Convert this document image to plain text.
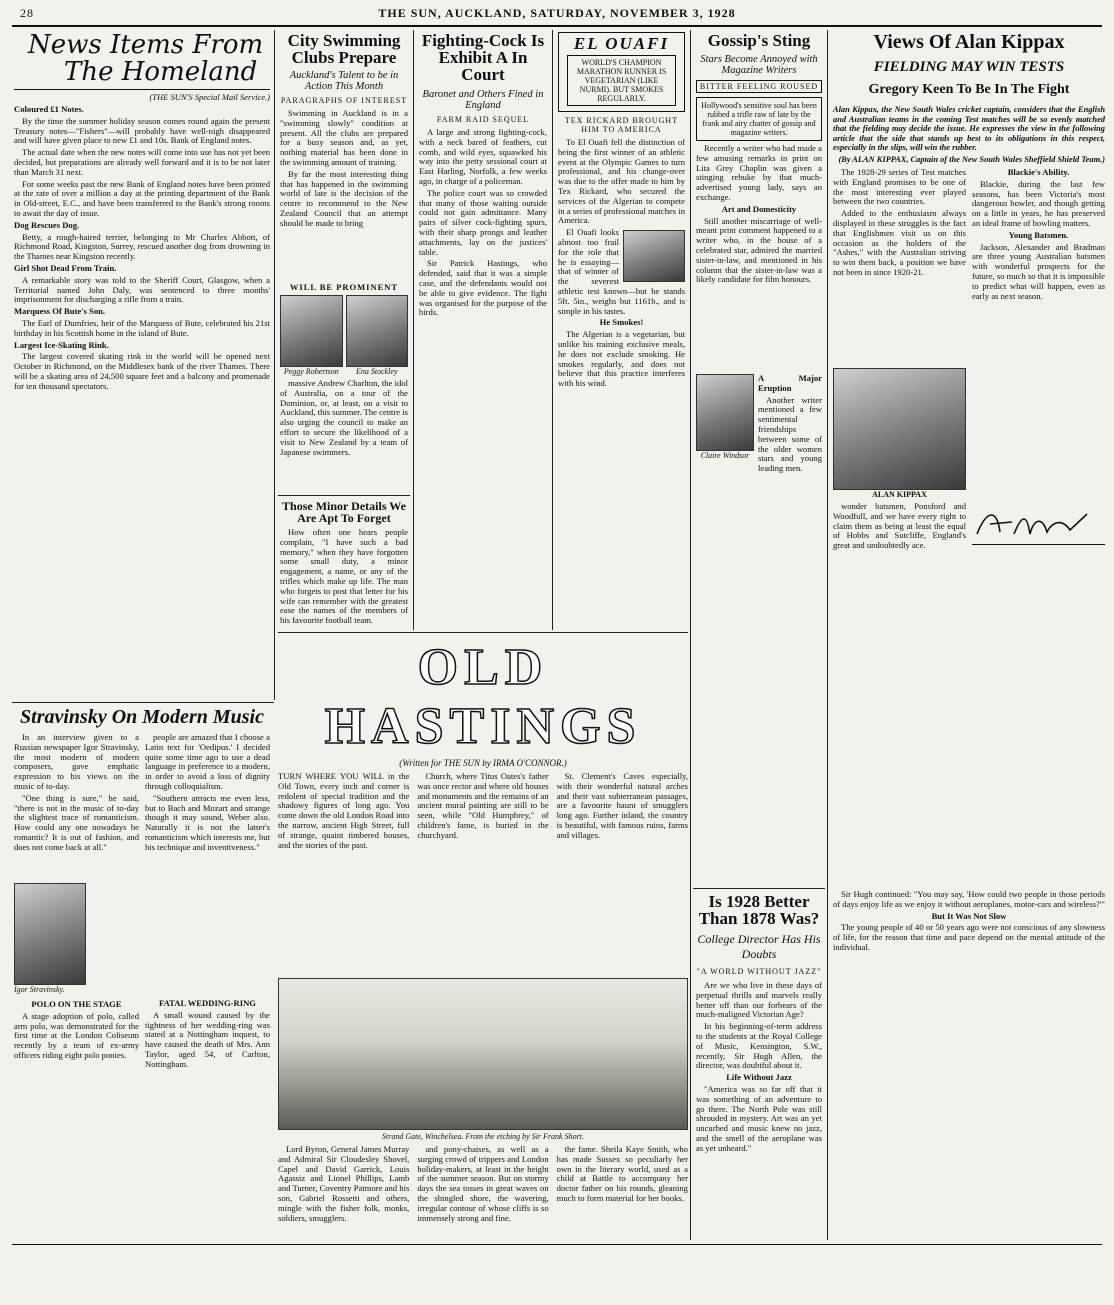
28	THE SUN, AUCKLAND, SATURDAY, NOVEMBER 3, 1928
News Items From
The Homeland
(THE SUN'S Special Mail Service.)

Coloured £1 Notes.

By the time the summer holiday season comes round again the present Treasury notes—"Fishers"—will probably have well-nigh disappeared and will have given place to new £1 and 10s. Bank of England notes.

The actual date when the new notes will come into use has not yet been decided, but preparations are already well forward and it is to be not later than March 31 next.

For some weeks past the new Bank of England notes have been printed at the rate of over a million a day at the printing department of the Bank in Old-street, E.C., and have been transferred to the Bank's strong rooms to await the day of issue.

Dog Rescues Dog.

Betty, a rough-haired terrier, belonging to Mr Charles Abbott, of Richmond Road, Kingston, Surrey, rescued another dog from drowning in the Thames near Kingston recently.

Girl Shot Dead From Train.

A remarkable story was told to the Sheriff Court, Glasgow, when a Territorial named John Daly, was sentenced to three months' imprisonment for discharging a rifle from a train.

Marquess Of Bute's Son.

The Earl of Dumfries, heir of the Marquess of Bute, celebrated his 21st birthday in his Scottish home in the island of Bute.

Largest Ice-Skating Rink.

The largest covered skating rink in the world will be opened next October in Richmond, on the Middlesex bank of the river Thames. There will be a skating area of 24,500 square feet and a balcony and promenade for ten thousand spectators.

City Swimming Clubs Prepare
Auckland's Talent to be in Action This Month
PARAGRAPHS OF INTEREST

Swimming in Auckland is in a "swimming slowly" condition at present. All the clubs are prepared for a busy season and, as yet, nothing material has been done in the swimming amount of training.

By far the most interesting thing that has happened in the swimming world of late is the decision of the centre to recommend to the New Zealand Council that an attempt should be made to bring

WILL BE PROMINENT
Peggy Robertson	Ena Stockley

massive Andrew Charlton, the idol of Australia, on a tour of the Dominion, or, at least, on a visit to Auckland, this summer. The centre is also urging the council to make an effort to secure the likelihood of a visit to New Zealand by a team of Japanese swimmers.

Those Minor Details We Are Apt To Forget

How often one hears people complain, "I have such a bad memory," when they have forgotten some small duty, a minor engagement, a name, or any of the trifles which make up life. The man who forgets to post that letter for his wife can remember with the greatest ease the names of the members of his favourite football team.

Fighting-Cock Is Exhibit A In Court
Baronet and Others Fined in England
FARM RAID SEQUEL

A large and strong fighting-cock, with a neck bared of feathers, cut comb, and wild eyes, squawked his way into the petty sessional court at East Harling, Norfolk, a few weeks ago, in charge of a policeman.

The police court was so crowded that many of those waiting outside could not gain admittance. Many pairs of silver cock-fighting spurs, with their sharp prongs and leather attachments, lay on the justices' table.

Sir Patrick Hastings, who defended, said that it was a simple case, and the defendants would not be able to give evidence. The fight was organised for the purpose of the birds.

EL OUAFI
WORLD'S CHAMPION MARATHON RUNNER IS VEGETARIAN (LIKE NURMI). BUT SMOKES REGULARLY.
TEX RICKARD BROUGHT HIM TO AMERICA

To El Ouafi fell the distinction of being the first winner of an athletic event at the Olympic Games to turn professional, and his change-over was due to the offer made to him by Tex Rickard, who secured the services of the Algerian to compete in a series of professional matches in America.

El Ouafi looks almost too frail for the role that he is essaying—that of winner of the severest athletic test known—but he stands 5ft. 5in., weighs but 1161b., and is simple in his tastes.

He Smokes!

The Algerian is a vegetarian, but unlike his training exclusive meals, he does not exclude smoking. He smokes regularly, and does not believe that this practice interferes with his wind.

Gossip's Sting
Stars Become Annoyed with Magazine Writers
BITTER FEELING ROUSED
Hollywood's sensitive soul has been rubbed a trifle raw of late by the frank and airy chatter of gossip and magazine writers.

Recently a writer who had made a few amusing remarks in print on Lita Grey Chaplin was given a stinging rebuke by that much-advertised young lady, says an exchange.

Art and Domesticity

Still another miscarriage of well-meant print comment happened to a writer who, in the house of a celebrated star, admired the married sister-in-law, and mentioned in his column that the sister-in-law was a likely candidate for film honours.

Claire Windsor

A Major Eruption

Another writer mentioned a few sentimental friendships between some of the older women stars and young leading men.

OLD HASTINGS
(Written for THE SUN by IRMA O'CONNOR.)

TURN WHERE YOU WILL in the Old Town, every inch and corner is redolent of special tradition and the shadowy figures of long ago. You come down the old London Road into the narrow, ancient High Street, full of strange, quaint timbered houses, and the stories of the past.

Church, where Titus Oates's father was once rector and where old houses and monuments and the remains of an ancient mural painting are still to be seen, while "Old Humphrey," of children's fame, is buried in the churchyard.

St. Clement's Caves especially, with their wonderful natural arches and their vast subterranean passages, are a favourite haunt of smugglers long ago. Further inland, the country is beautiful, with famous ruins, farms and villages.

Strand Gate, Winchelsea. From the etching by Sir Frank Short.

Lord Byron, General James Murray and Admiral Sir Cloudesley Shovel, Capel and David Garrick, Louis Agassiz and Lionel Phillips, Lamb and Turner, Coventry Patmore and his son, Gabriel Rossetti and others, mingle with the fisher folk, monks, soldiers, smugglers.

and pony-chaises, as well as a surging crowd of trippers and London holiday-makers, at least in the height of the summer season. But on stormy days the sea tosses in great waves on the shingled shore, the wavering, irregular contour of whose cliffs is so immensely strong and fine.

the fame. Sheila Kaye Smith, who has made Sussex so peculiarly her own in the literary world, used as a child at Battle to accompany her doctor father on his rounds, gleaning much to form material for her books.

Stravinsky On Modern Music

In an interview given to a Russian newspaper Igor Stravinsky, the most modern of modern composers, gave emphatic expression to his views on the music of to-day.

"One thing is sure," he said, "there is not in the music of to-day the slightest trace of romanticism. How could any one nowadays be romantic? It is out of fashion, and does not come back at all."

Igor Stravinsky.

POLO ON THE STAGE

A stage adoption of polo, called arm polo, was demonstrated for the first time at the London Coliseum recently by a team of ex-army officers riding eight polo ponies.

people are amazed that I choose a Latin text for 'Oedipus.' I decided quite some time ago to use a dead language in preference to a modern, in order to avoid a loss of dignity through colloquialism.

"Southern attracts me even less, but to Bach and Mozart and strange though it may sound, Weber also. Naturally it is not the latter's romanticism which interests me, but his technique and inventiveness."

FATAL WEDDING-RING

A small wound caused by the tightness of her wedding-ring was stated at a Nottingham inquest, to have caused the death of Mrs. Ann Taylor, aged 54, of Carlton, Nottingham.

Views Of Alan Kippax
FIELDING MAY WIN TESTS
Gregory Keen To Be In The Fight
Alan Kippax, the New South Wales cricket captain, considers that the English and Australian teams in the coming Test matches will be so evenly matched that the fielding may decide the issue. He expresses the view in the following article that the side that stands up best to its obligations in this respect, especially in the slips, will win the rubber.
(By ALAN KIPPAX, Captain of the New South Wales Sheffield Shield Team.)

The 1928-29 series of Test matches with England promises to be one of the most interesting ever played between the two countries.

Added to the enthusiasm always displayed in these struggles is the fact that Englishmen visit us on this occasion as the holders of the "Ashes," with the Australian striving to win them back, a position we have not been in since 1920-21.

ALAN KIPPAX

wonder batsmen, Ponsford and Woodfull, and we have every right to claim them as being at least the equal of Hobbs and Sutcliffe, England's great and undoubtedly ace.

Blackie's Ability.

Blackie, during the last few seasons, has been Victoria's most dangerous bowler, and though getting on a little in years, he has preserved an ideal frame of bowling matters.

Young Batsmen.

Jackson, Alexander and Bradman are three young Australian batsmen with wonderful prospects for the future, so much so that it is impossible to predict what will happen, even as early as next season.

Is 1928 Better Than 1878 Was?
College Director Has His Doubts
"A WORLD WITHOUT JAZZ"

Are we who live in these days of perpetual thrills and marvels really better off than our forbears of the much-maligned Victorian Age?

In his beginning-of-term address to the students at the Royal College of Music, Kensington, S.W., recently, Sir Hugh Allen, the director, was doubtful about it.

Life Without Jazz

"America was so far off that it was something of an adventure to go there. The North Pole was still shrouded in mystery. Art was an yet uncurbed and music knew no jazz, and the smell of the aeroplane was as yet unheard."

Sir Hugh continued: "You may say, 'How could two people in those periods of days enjoy life as we enjoy it without aeroplanes, motor-cars and wireless?'"

But It Was Not Slow

The young people of 40 or 50 years ago were not conscious of any slowness of life, for the reason that time and pace depend on the mental attitude of the individual.
